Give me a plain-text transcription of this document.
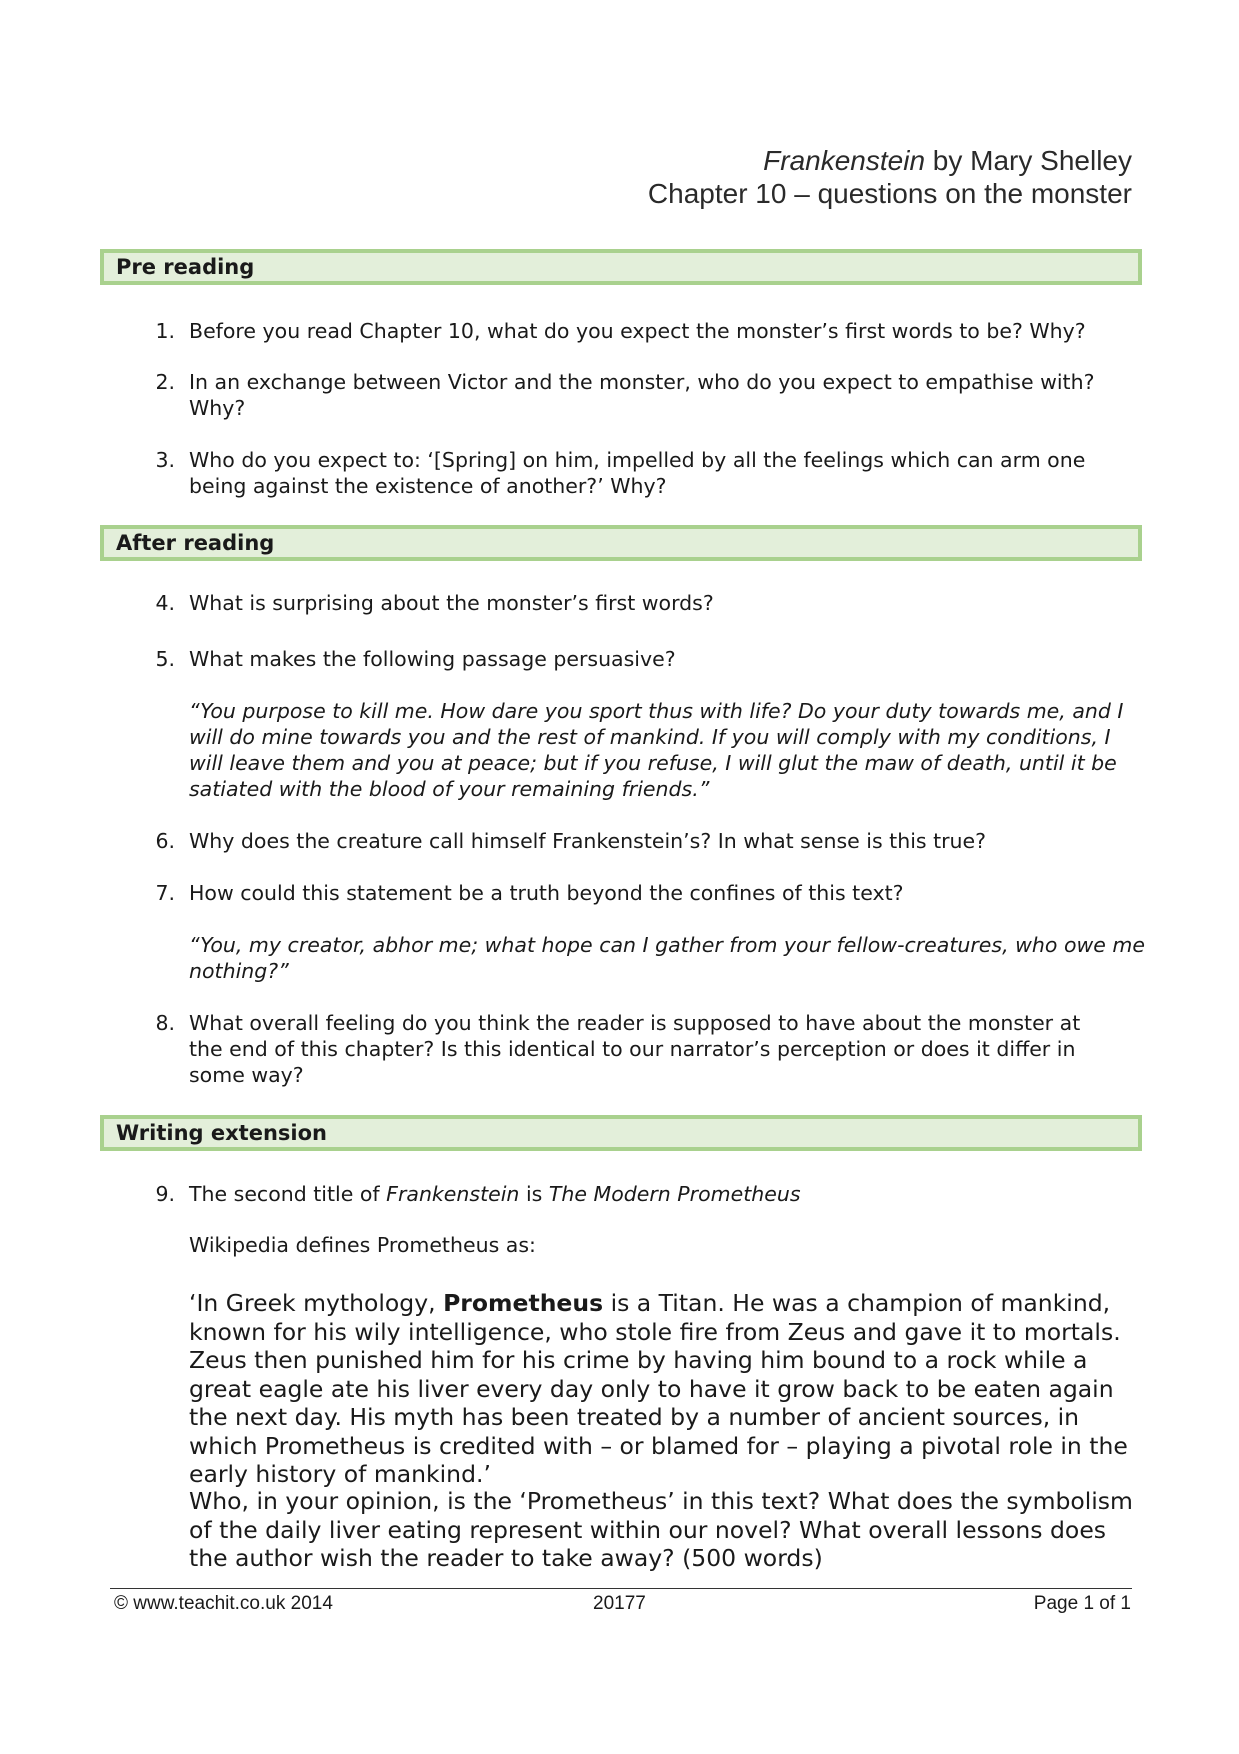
Frankenstein by Mary Shelley
Chapter 10 – questions on the monster
Pre reading
1. Before you read Chapter 10, what do you expect the monster’s first words to be? Why?
2. In an exchange between Victor and the monster, who do you expect to empathise with? Why?
3. Who do you expect to: ‘[Spring] on him, impelled by all the feelings which can arm one being against the existence of another?’ Why?
After reading
4. What is surprising about the monster’s first words?
5. What makes the following passage persuasive?
“You purpose to kill me. How dare you sport thus with life? Do your duty towards me, and I will do mine towards you and the rest of mankind. If you will comply with my conditions, I will leave them and you at peace; but if you refuse, I will glut the maw of death, until it be satiated with the blood of your remaining friends.”
6. Why does the creature call himself Frankenstein’s? In what sense is this true?
7. How could this statement be a truth beyond the confines of this text?
“You, my creator, abhor me; what hope can I gather from your fellow-creatures, who owe me nothing?”
8. What overall feeling do you think the reader is supposed to have about the monster at the end of this chapter? Is this identical to our narrator’s perception or does it differ in some way?
Writing extension
9. The second title of Frankenstein is The Modern Prometheus
Wikipedia defines Prometheus as:
‘In Greek mythology, Prometheus is a Titan. He was a champion of mankind, known for his wily intelligence, who stole fire from Zeus and gave it to mortals. Zeus then punished him for his crime by having him bound to a rock while a great eagle ate his liver every day only to have it grow back to be eaten again the next day. His myth has been treated by a number of ancient sources, in which Prometheus is credited with – or blamed for – playing a pivotal role in the early history of mankind.’
Who, in your opinion, is the ‘Prometheus’ in this text? What does the symbolism of the daily liver eating represent within our novel? What overall lessons does the author wish the reader to take away? (500 words)
© www.teachit.co.uk 2014	20177	Page 1 of 1
